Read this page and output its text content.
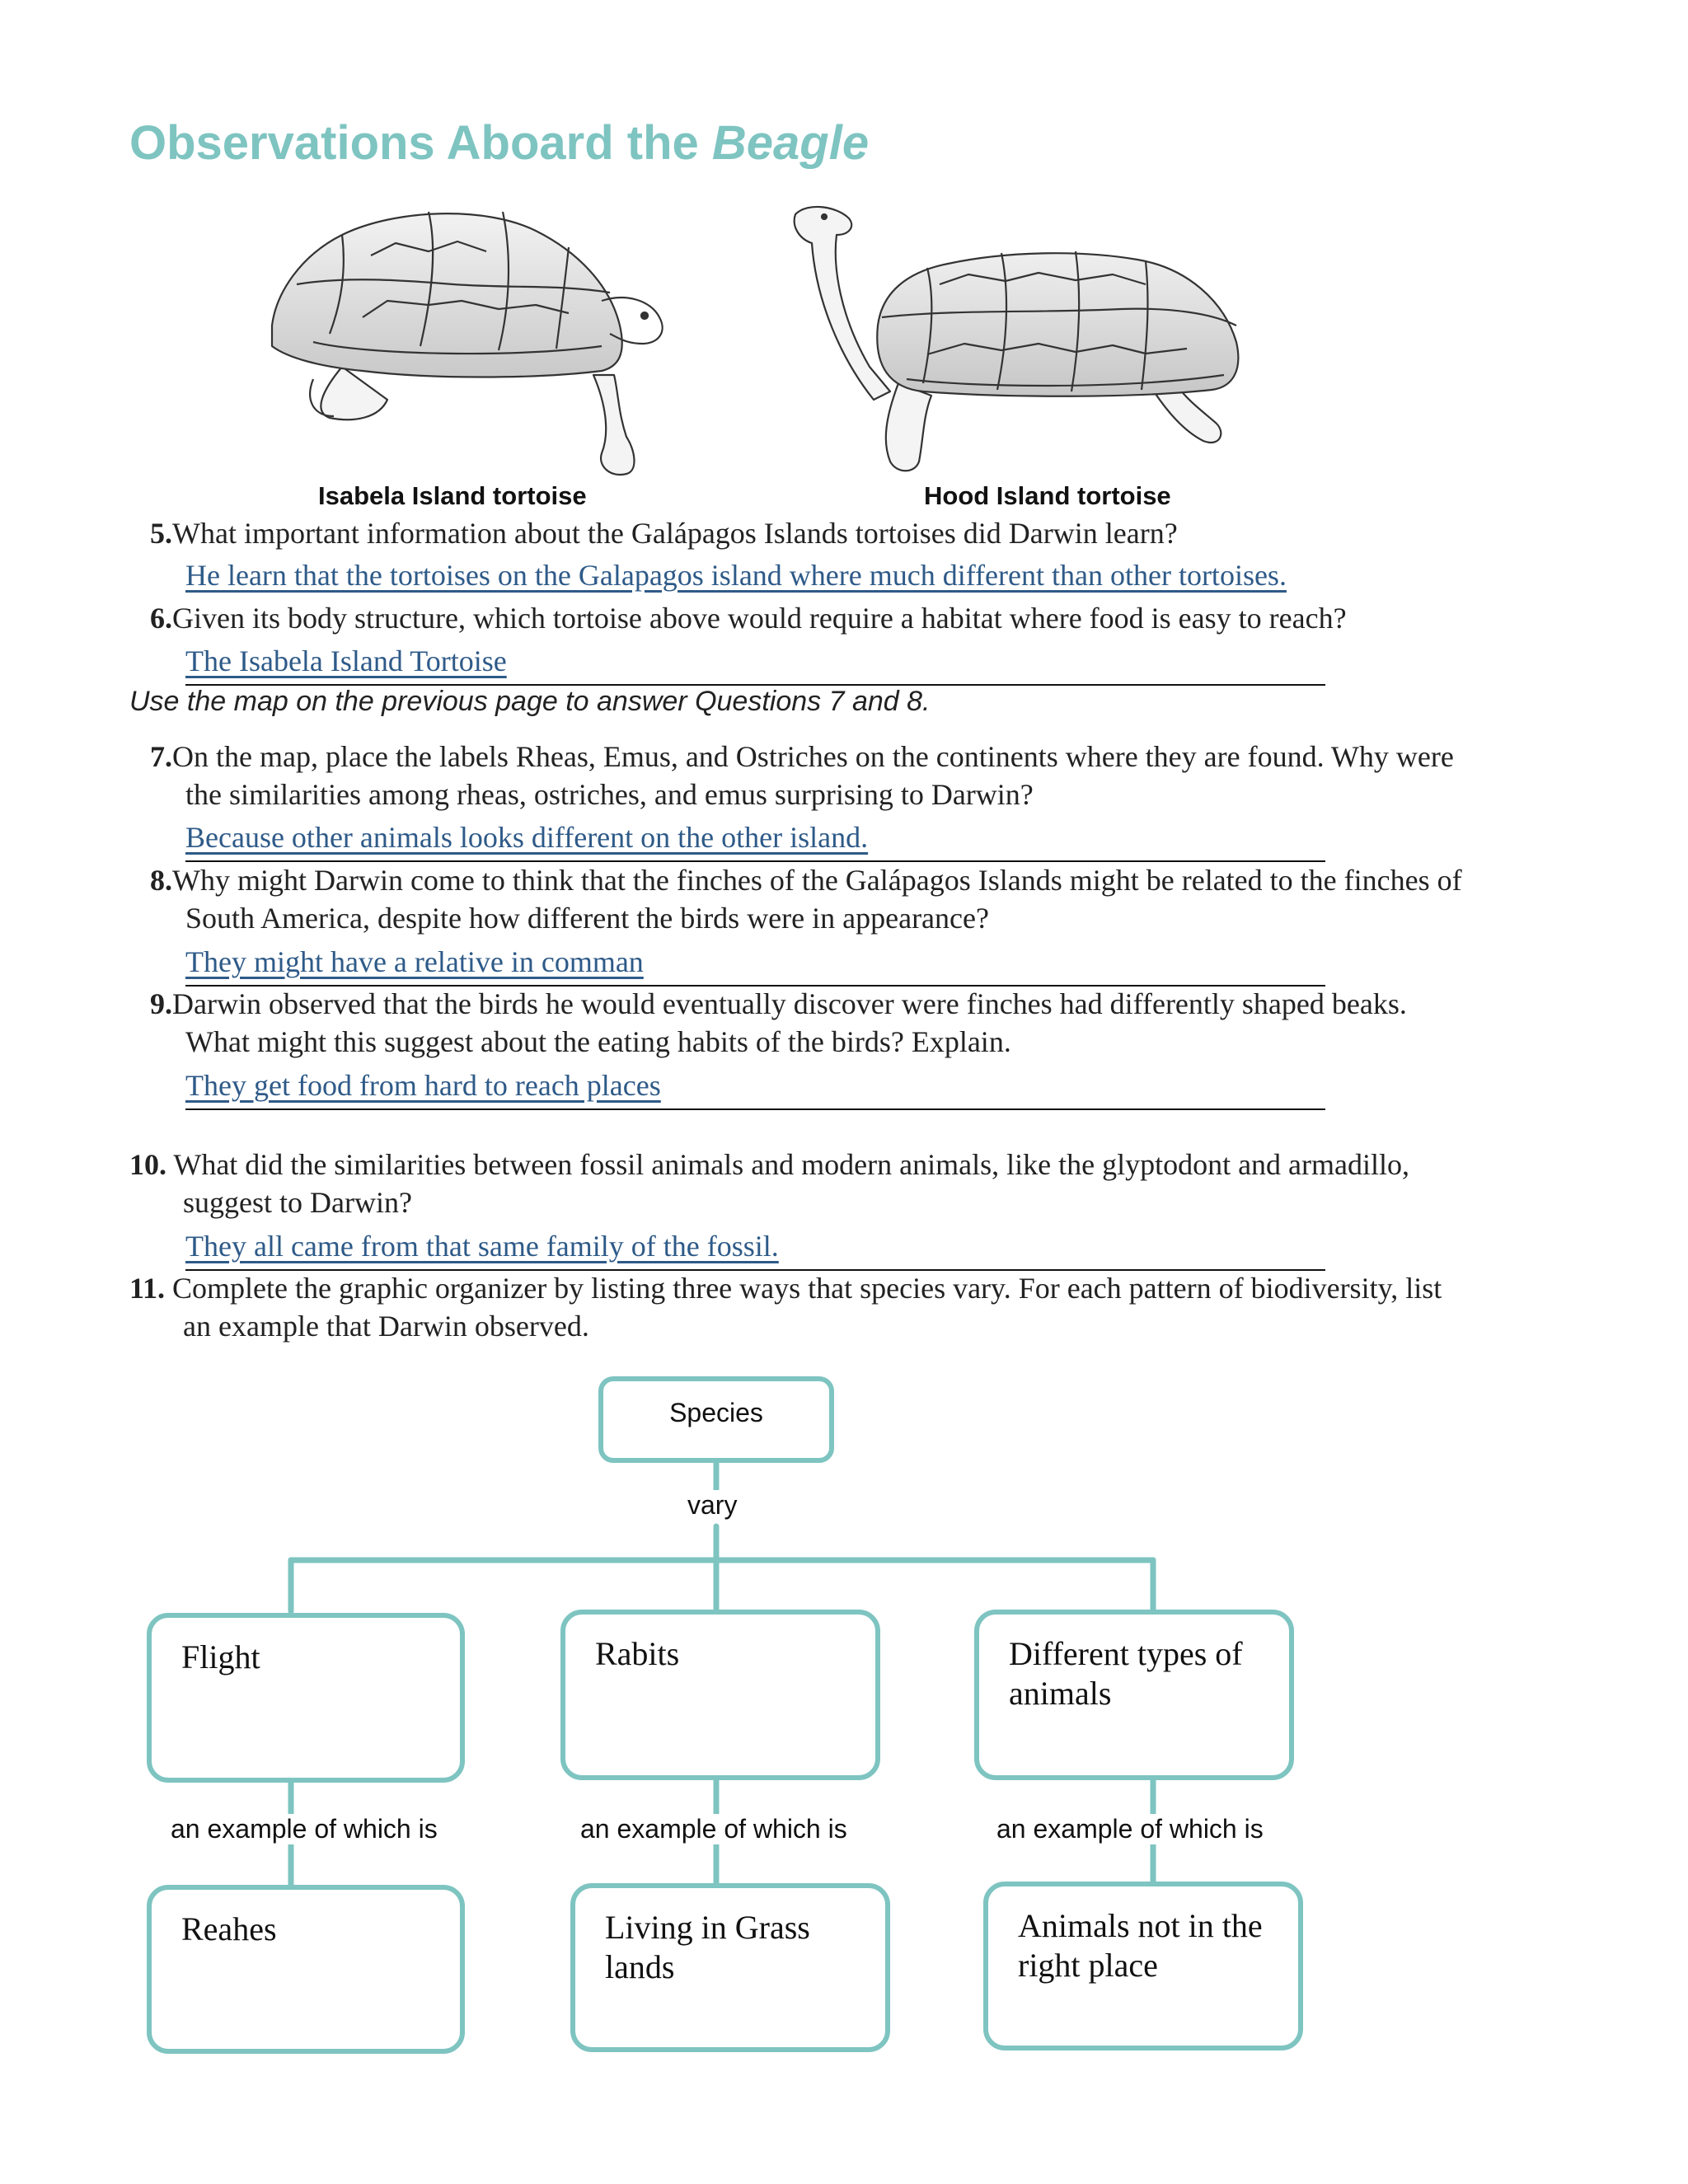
Observations Aboard the Beagle
Isabela Island tortoise	Hood Island tortoise
5.What important information about the Galápagos Islands tortoises did Darwin learn?
He learn that the tortoises on the Galapagos island where much different than other tortoises.
6.Given its body structure, which tortoise above would require a habitat where food is easy to reach?
The Isabela Island Tortoise
Use the map on the previous page to answer Questions 7 and 8.
7.On the map, place the labels Rheas, Emus, and Ostriches on the continents where they are found. Why were
the similarities among rheas, ostriches, and emus surprising to Darwin?
Because other animals looks different on the other island.
8.Why might Darwin come to think that the finches of the Galápagos Islands might be related to the finches of
South America, despite how different the birds were in appearance?
They might have a relative in comman
9.Darwin observed that the birds he would eventually discover were finches had differently shaped beaks.
What might this suggest about the eating habits of the birds? Explain.
They get food from hard to reach places
10. What did the similarities between fossil animals and modern animals, like the glyptodont and armadillo,
suggest to Darwin?
They all came from that same family of the fossil.
11. Complete the graphic organizer by listing three ways that species vary. For each pattern of biodiversity, list
an example that Darwin observed.
Species
vary
Flight	Rabits	Different types of animals
an example of which is	an example of which is	an example of which is
Reahes	Living in Grass lands
Animals not in the right place
